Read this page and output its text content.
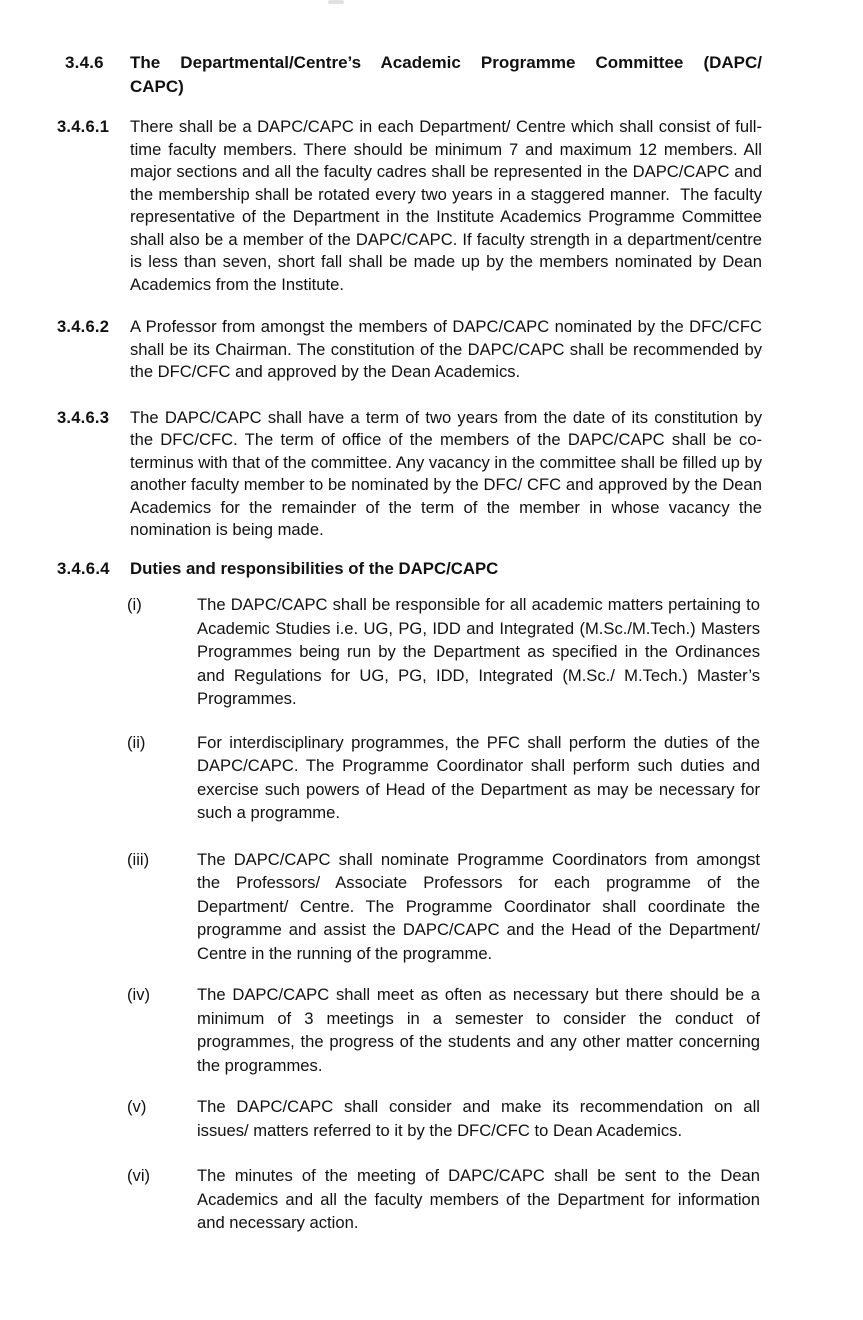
3.4.6 The Departmental/Centre’s Academic Programme Committee (DAPC/
CAPC)
3.4.6.1 There shall be a DAPC/CAPC in each Department/ Centre which shall consist of full-time faculty members. There should be minimum 7 and maximum 12 members. All major sections and all the faculty cadres shall be represented in the DAPC/CAPC and the membership shall be rotated every two years in a staggered manner.  The faculty representative of the Department in the Institute Academics Programme Committee shall also be a member of the DAPC/CAPC. If faculty strength in a department/centre is less than seven, short fall shall be made up by the members nominated by Dean Academics from the Institute.
3.4.6.2 A Professor from amongst the members of DAPC/CAPC nominated by the DFC/CFC shall be its Chairman. The constitution of the DAPC/CAPC shall be recommended by the DFC/CFC and approved by the Dean Academics.
3.4.6.3 The DAPC/CAPC shall have a term of two years from the date of its constitution by the DFC/CFC. The term of office of the members of the DAPC/CAPC shall be co-terminus with that of the committee. Any vacancy in the committee shall be filled up by another faculty member to be nominated by the DFC/ CFC and approved by the Dean Academics for the remainder of the term of the member in whose vacancy the nomination is being made.
3.4.6.4 Duties and responsibilities of the DAPC/CAPC
(i)	The DAPC/CAPC shall be responsible for all academic matters pertaining to Academic Studies i.e. UG, PG, IDD and Integrated (M.Sc./M.Tech.) Masters Programmes being run by the Department as specified in the Ordinances and Regulations for UG, PG, IDD, Integrated (M.Sc./ M.Tech.) Master’s Programmes.
(ii)	For interdisciplinary programmes, the PFC shall perform the duties of the DAPC/CAPC. The Programme Coordinator shall perform such duties and exercise such powers of Head of the Department as may be necessary for such a programme.
(iii)	The DAPC/CAPC shall nominate Programme Coordinators from amongst the Professors/ Associate Professors for each programme of the Department/ Centre. The Programme Coordinator shall coordinate the programme and assist the DAPC/CAPC and the Head of the Department/ Centre in the running of the programme.
(iv)	The DAPC/CAPC shall meet as often as necessary but there should be a minimum of 3 meetings in a semester to consider the conduct of programmes, the progress of the students and any other matter concerning the programmes.
(v)	The DAPC/CAPC shall consider and make its recommendation on all issues/ matters referred to it by the DFC/CFC to Dean Academics.
(vi)	The minutes of the meeting of DAPC/CAPC shall be sent to the Dean Academics and all the faculty members of the Department for information and necessary action.
